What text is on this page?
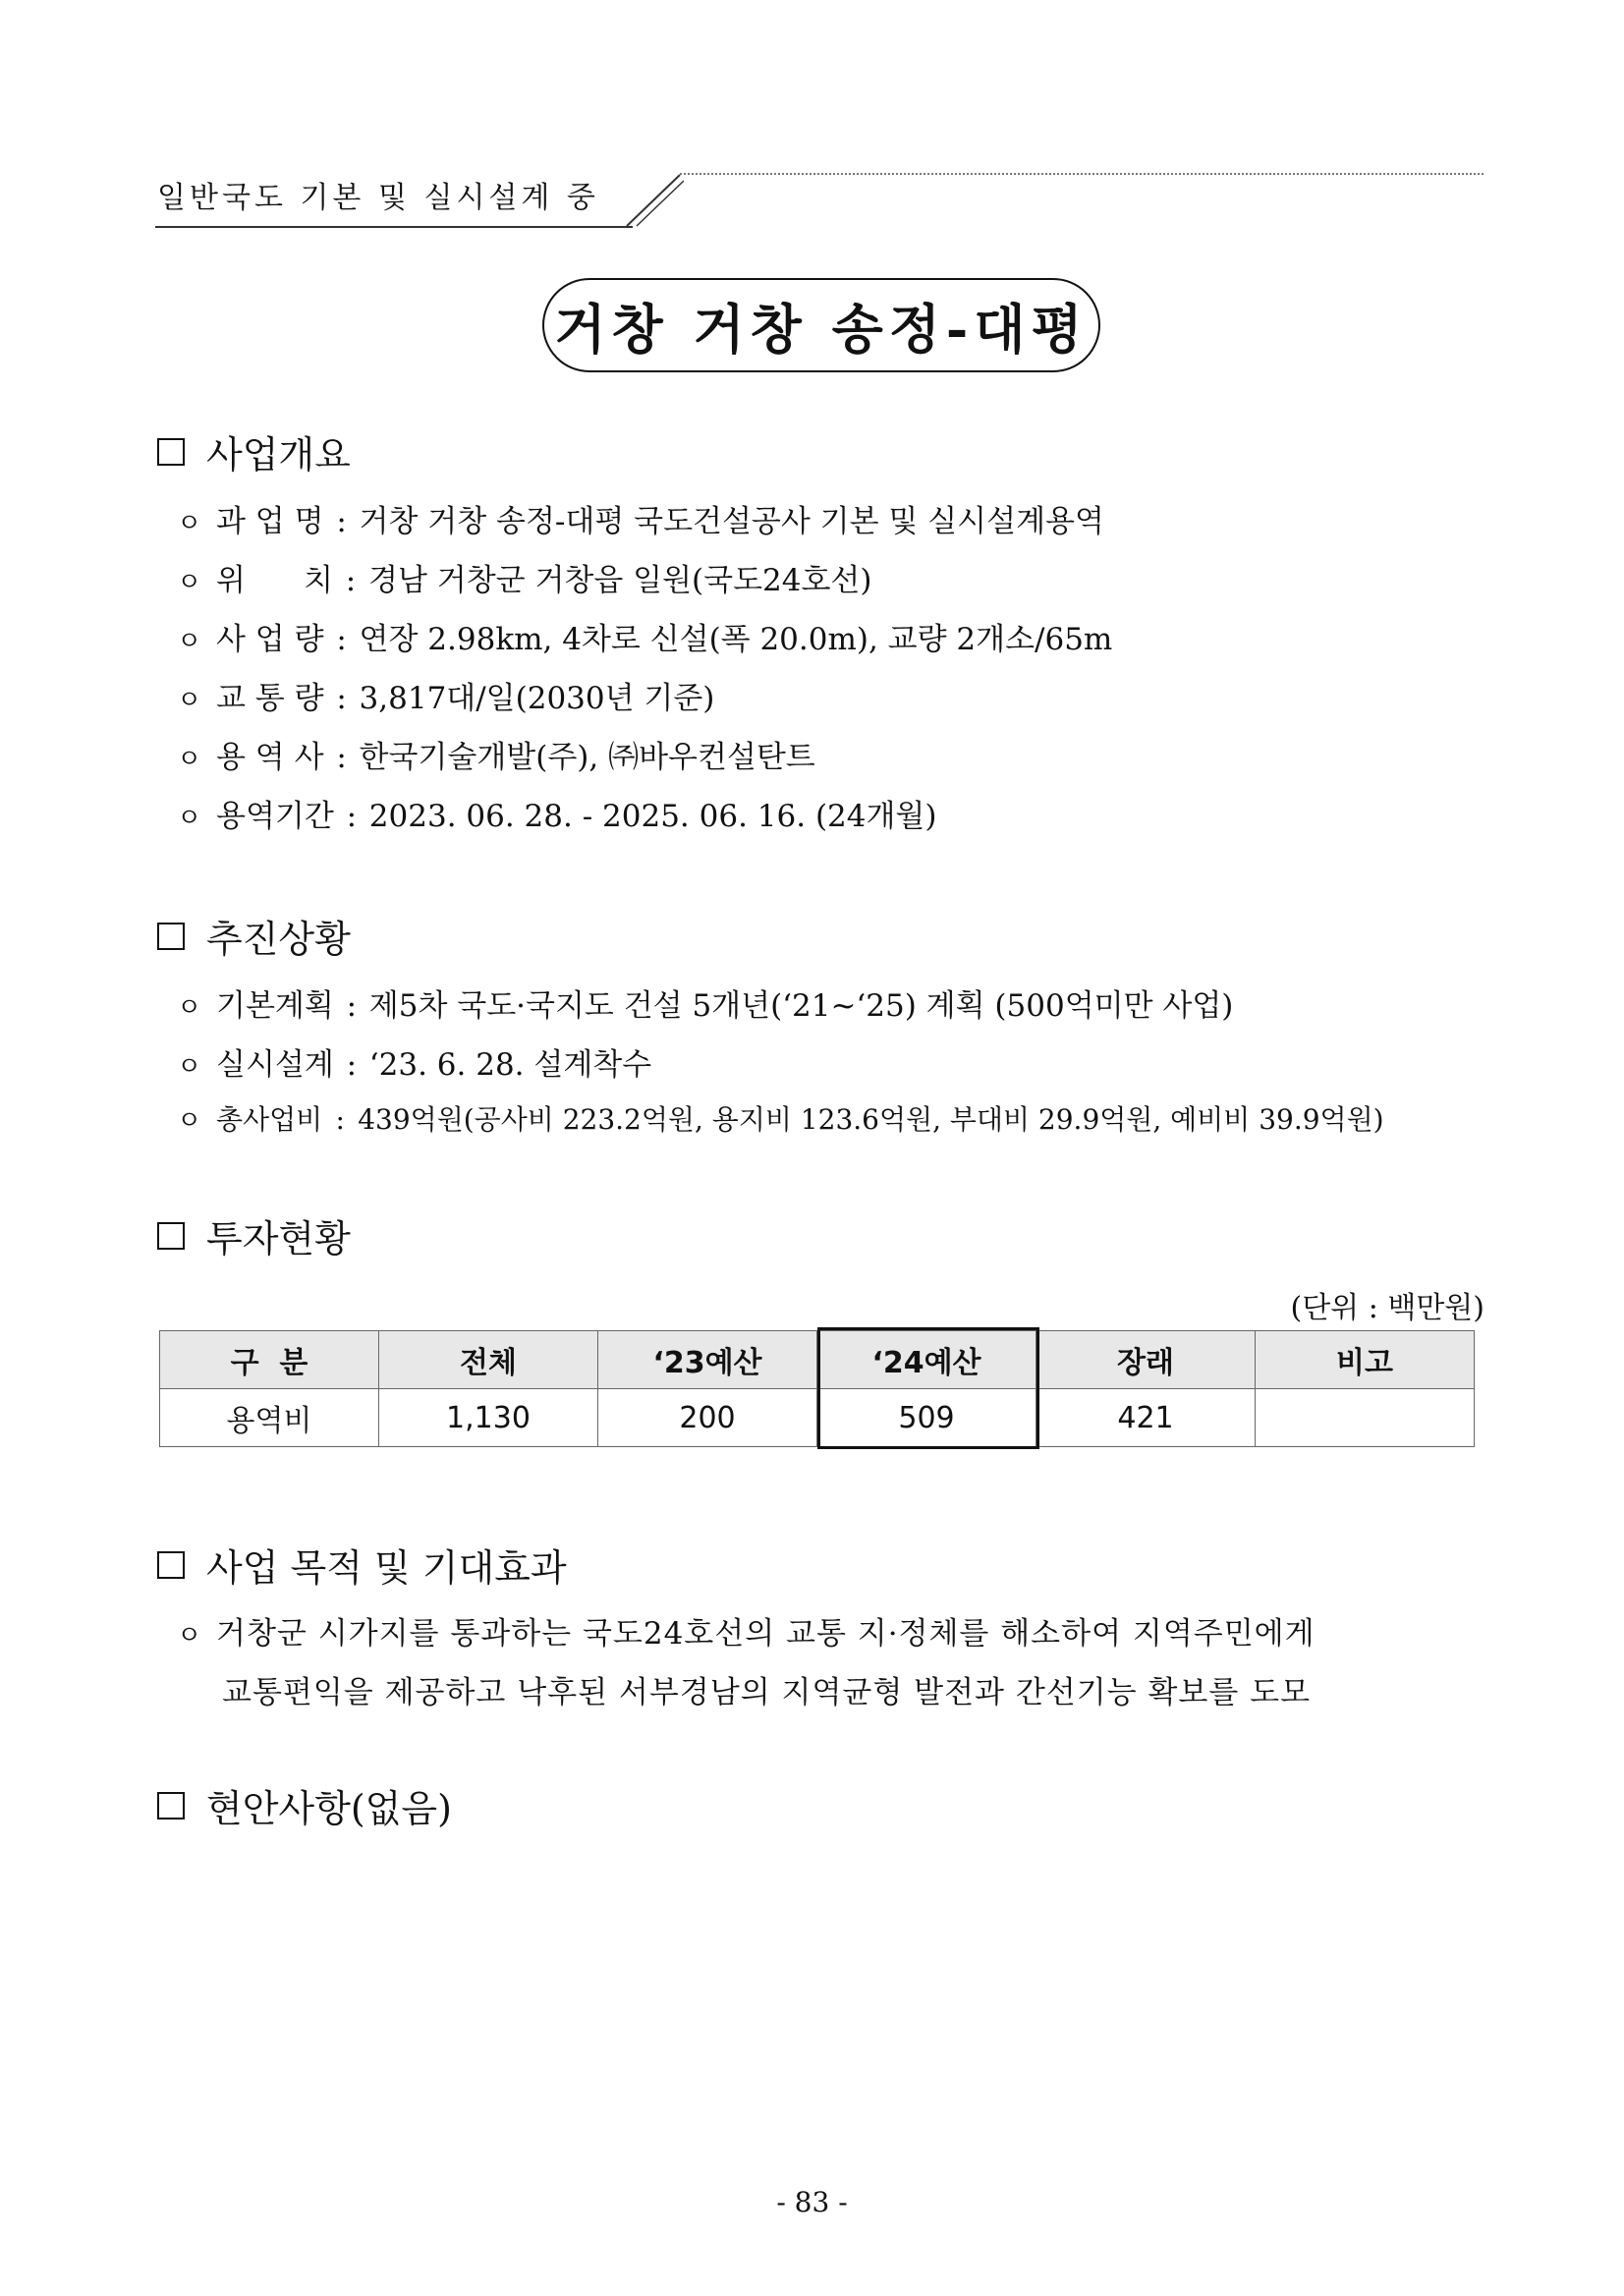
일반국도 기본 및 실시설계 중
거창 거창 송정-대평
사업개요
ㅇ 과 업 명 : 거창 거창 송정-대평 국도건설공사 기본 및 실시설계용역
ㅇ 위      치 : 경남 거창군 거창읍 일원(국도24호선)
ㅇ 사 업 량 : 연장 2.98km, 4차로 신설(폭 20.0m), 교량 2개소/65m
ㅇ 교 통 량 : 3,817대/일(2030년 기준)
ㅇ 용 역 사 : 한국기술개발(주), ㈜바우컨설탄트
ㅇ 용역기간 : 2023. 06. 28. - 2025. 06. 16. (24개월)
추진상황
ㅇ 기본계획 : 제5차 국도·국지도 건설 5개년(‘21~‘25) 계획 (500억미만 사업)
ㅇ 실시설계 : ‘23. 6. 28. 설계착수
ㅇ 총사업비 : 439억원(공사비 223.2억원, 용지비 123.6억원, 부대비 29.9억원, 예비비 39.9억원)
투자현황
(단위 : 백만원)
구  분	전체	‘23예산	‘24예산	장래	비고
용역비	1,130	200	509	421	
사업 목적 및 기대효과
ㅇ 거창군 시가지를 통과하는 국도24호선의 교통 지·정체를 해소하여 지역주민에게
교통편익을 제공하고 낙후된 서부경남의 지역균형 발전과 간선기능 확보를 도모
현안사항(없음)
- 83 -
